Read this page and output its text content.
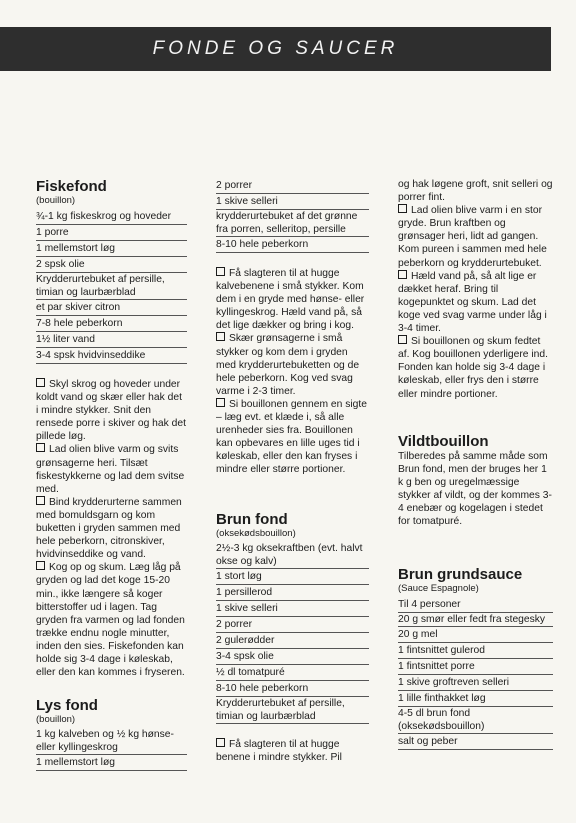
FONDE OG SAUCER
Fiskefond
(bouillon)
¾-1 kg fiskeskrog og hoveder
1 porre
1 mellemstort løg
2 spsk olie
Krydderurtebuket af persille, timian og laurbærblad
et par skiver citron
7-8 hele peberkorn
1½ liter vand
3-4 spsk hvidvinseddike

Skyl skrog og hoveder under koldt vand og skær eller hak det i mindre stykker. Snit den rensede porre i skiver og hak det pillede løg.

Lad olien blive varm og svits grønsagerne heri. Tilsæt fiskestykkerne og lad dem svitse med.

Bind krydderurterne sammen med bomuldsgarn og kom buketten i gryden sammen med hele peberkorn, citronskiver, hvidvinseddike og vand.

Kog op og skum. Læg låg på gryden og lad det koge 15-20 min., ikke længere så koger bitterstoffer ud i lagen. Tag gryden fra varmen og lad fonden trække endnu nogle minutter, inden den sies. Fiskefonden kan holde sig 3-4 dage i køleskab, eller den kan kommes i fryseren.

Lys fond
(bouillon)
1 kg kalveben og ½ kg hønse- eller kyllingeskrog
1 mellemstort løg
2 porrer
1 skive selleri
krydderurtebuket af det grønne fra porren, selleritop, persille
8-10 hele peberkorn

Få slagteren til at hugge kalvebenene i små stykker. Kom dem i en gryde med hønse- eller kyllingeskrog. Hæld vand på, så det lige dækker og bring i kog.

Skær grønsagerne i små stykker og kom dem i gryden med krydderurtebuketten og de hele peberkorn. Kog ved svag varme i 2-3 timer.

Si bouillonen gennem en sigte – læg evt. et klæde i, så alle urenheder sies fra. Bouillonen kan opbevares en lille uges tid i køleskab, eller den kan fryses i mindre eller større portioner.

Brun fond
(oksekødsbouillon)
2½-3 kg oksekraftben (evt. halvt okse og kalv)
1 stort løg
1 persillerod
1 skive selleri
2 porrer
2 gulerødder
3-4 spsk olie
½ dl tomatpuré
8-10 hele peberkorn
Krydderurtebuket af persille, timian og laurbærblad

Få slagteren til at hugge benene i mindre stykker. Pil

og hak løgene groft, snit selleri og porrer fint.

Lad olien blive varm i en stor gryde. Brun kraftben og grønsager heri, lidt ad gangen. Kom pureen i sammen med hele peberkorn og krydderurtebuket.

Hæld vand på, så alt lige er dækket heraf. Bring til kogepunktet og skum. Lad det koge ved svag varme under låg i 3-4 timer.

Si bouillonen og skum fedtet af. Kog bouillonen yderligere ind. Fonden kan holde sig 3-4 dage i køleskab, eller frys den i større eller mindre portioner.

Vildtbouillon

Tilberedes på samme måde som Brun fond, men der bruges her 1 k g ben og uregelmæssige stykker af vildt, og der kommes 3-4 enebær og kogelagen i stedet for tomatpuré.

Brun grundsauce
(Sauce Espagnole)
Til 4 personer
20 g smør eller fedt fra stegesky
20 g mel
1 fintsnittet gulerod
1 fintsnittet porre
1 skive groftreven selleri
1 lille finthakket løg
4-5 dl brun fond (oksekødsbouillon)
salt og peber
